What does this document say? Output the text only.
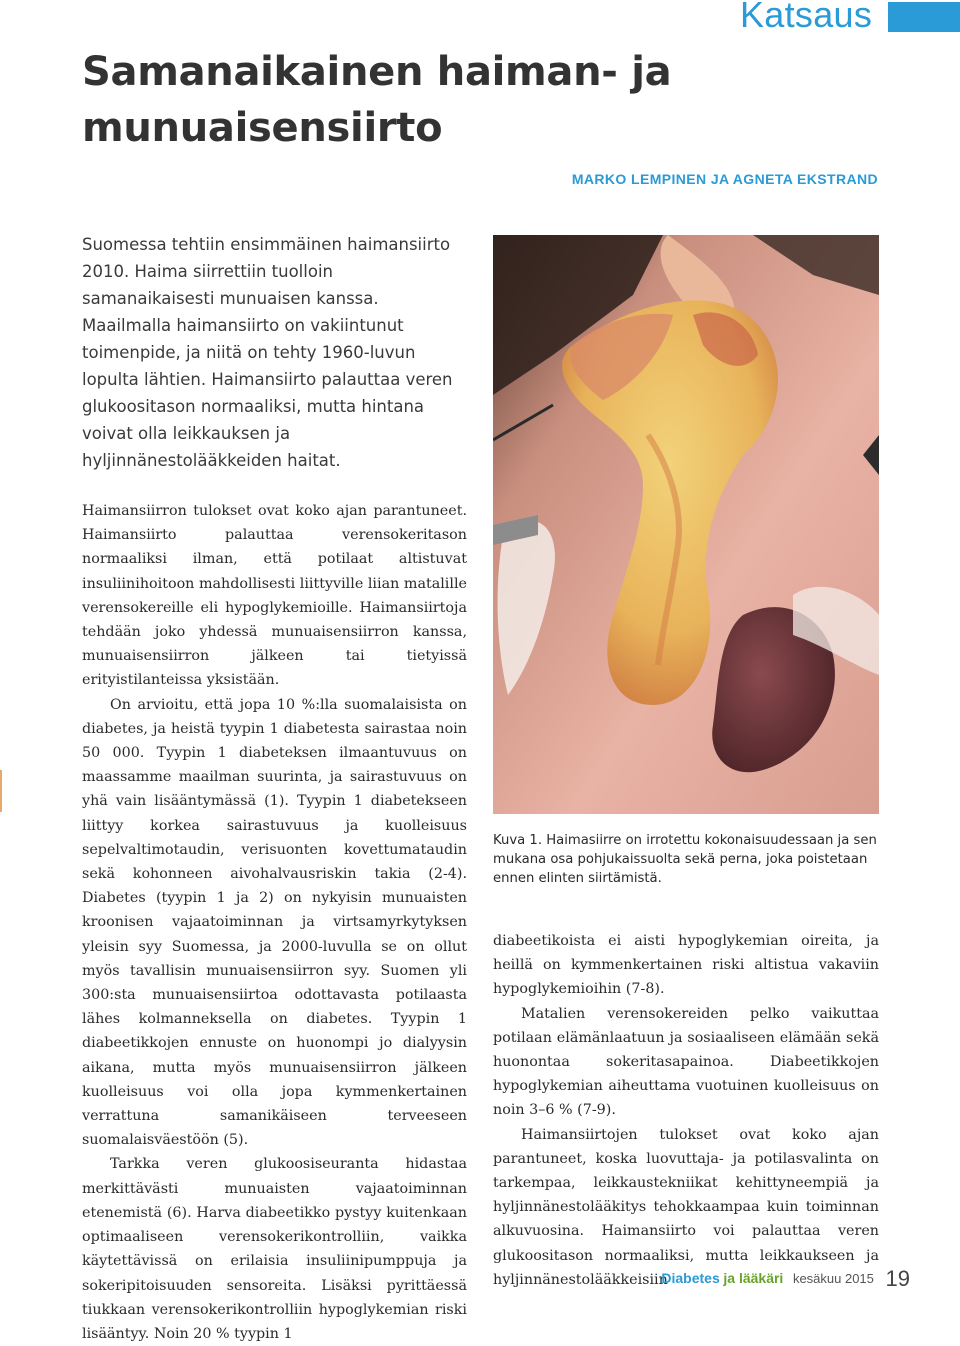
Katsaus
Samanaikainen haiman- ja
munuaisensiirto
MARKO LEMPINEN JA AGNETA EKSTRAND
Suomessa tehtiin ensimmäinen haimansiirto 2010. Haima siirrettiin tuolloin samanaikaisesti munuaisen kanssa. Maailmalla haimansiirto on vakiintunut toimenpide, ja niitä on tehty 1960-luvun lopulta lähtien. Haimansiirto palauttaa veren glukoositason normaaliksi, mutta hintana voivat olla leikkauksen ja hyljinnänestolääkkeiden haitat.

Haimansiirron tulokset ovat koko ajan parantuneet. Haimansiirto palauttaa verensokeritason normaaliksi ilman, että potilaat altistuvat insuliinihoitoon mahdollisesti liittyville liian matalille verensokereille eli hypoglykemioille. Haimansiirtoja tehdään joko yhdessä munuaisensiirron kanssa, munuaisensiirron jälkeen tai tietyissä erityistilanteissa yksistään.

On arvioitu, että jopa 10 %:lla suomalaisista on diabetes, ja heistä tyypin 1 diabetesta sairastaa noin 50 000. Tyypin 1 diabeteksen ilmaantuvuus on maassamme maailman suurinta, ja sairastuvuus on yhä vain lisääntymässä (1). Tyypin 1 diabetekseen liittyy korkea sairastuvuus ja kuolleisuus sepelvaltimotaudin, verisuonten kovettumataudin sekä kohonneen aivohalvausriskin takia (2-4). Diabetes (tyypin 1 ja 2) on nykyisin munuaisten kroonisen vajaatoiminnan ja virtsamyrkytyksen yleisin syy Suomessa, ja 2000-luvulla se on ollut myös tavallisin munuaisensiirron syy. Suomen yli 300:sta munuaisensiirtoa odottavasta potilaasta lähes kolmanneksella on diabetes. Tyypin 1 diabeetikkojen ennuste on huonompi jo dialyysin aikana, mutta myös munuaisensiirron jälkeen kuolleisuus voi olla jopa kymmenkertainen verrattuna samanikäiseen terveeseen suomalaisväestöön (5).

Tarkka veren glukoosiseuranta hidastaa merkittävästi munuaisten vajaatoiminnan etenemistä (6). Harva diabeetikko pystyy kuitenkaan optimaaliseen verensokerikontrolliin, vaikka käytettävissä on erilaisia insuliinipumppuja ja sokeripitoisuuden sensoreita. Lisäksi pyrittäessä tiukkaan verensokerikontrolliin hypoglykemian riski lisääntyy. Noin 20 % tyypin 1

Kuva 1. Haimasiirre on irrotettu kokonaisuudessaan ja sen mukana osa pohjukaissuolta sekä perna, joka poistetaan ennen elinten siirtämistä.

diabeetikoista ei aisti hypoglykemian oireita, ja heillä on kymmenkertainen riski altistua vakaviin hypoglykemioihin (7-8).

Matalien verensokereiden pelko vaikuttaa potilaan elämänlaatuun ja sosiaaliseen elämään sekä huonontaa sokeritasapainoa. Diabeetikkojen hypoglykemian aiheuttama vuotuinen kuolleisuus on noin 3–6 % (7-9).

Haimansiirtojen tulokset ovat koko ajan parantuneet, koska luovuttaja- ja potilasvalinta on tarkempaa, leikkaustekniikat kehittyneempiä ja hyljinnänestolääkitys tehokkaampaa kuin toiminnan alkuvuosina. Haimansiirto voi palauttaa veren glukoositason normaaliksi, mutta leikkaukseen ja hyljinnänestolääkkeisiin

Diabetes ja lääkäri kesäkuu 2015 19
